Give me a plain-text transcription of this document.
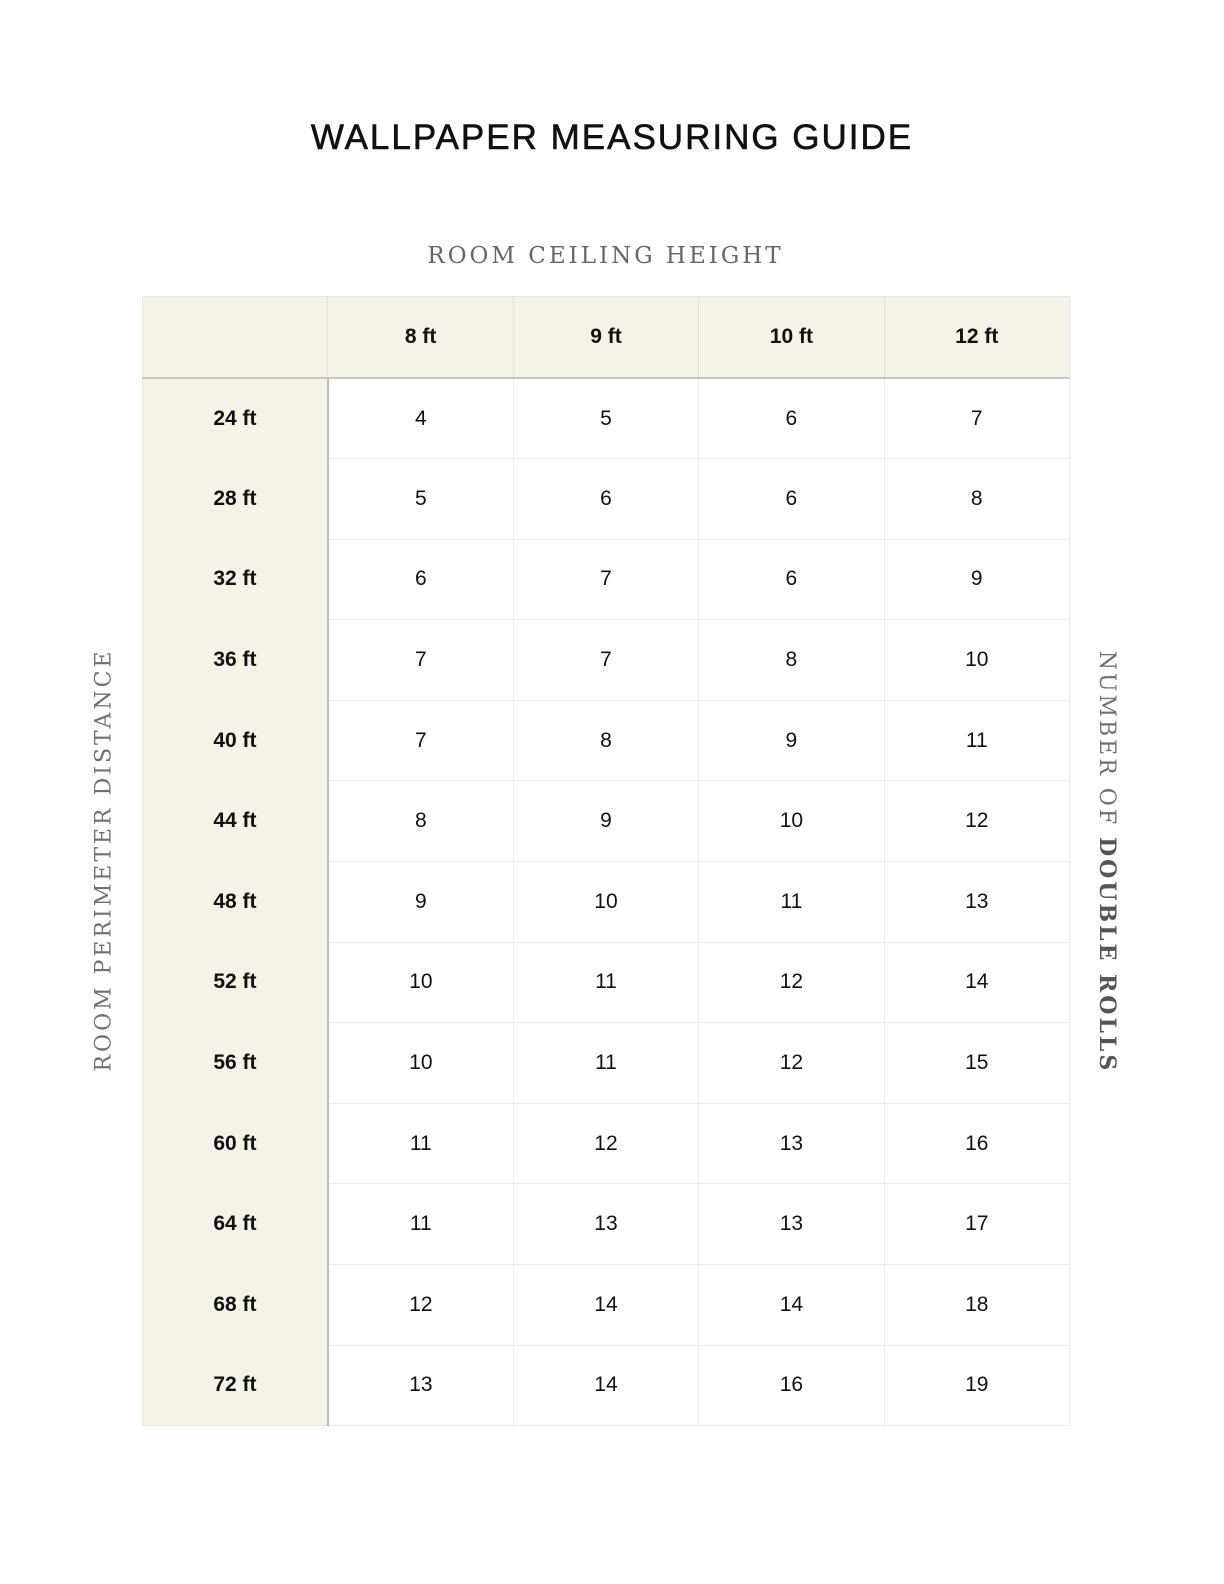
WALLPAPER MEASURING GUIDE
ROOM CEILING HEIGHT
ROOM PERIMETER DISTANCE	NUMBER OF DOUBLE ROLLS
	8 ft	9 ft	10 ft	12 ft
24 ft	4	5	6	7
28 ft	5	6	6	8
32 ft	6	7	6	9
36 ft	7	7	8	10
40 ft	7	8	9	11
44 ft	8	9	10	12
48 ft	9	10	11	13
52 ft	10	11	12	14
56 ft	10	11	12	15
60 ft	11	12	13	16
64 ft	11	13	13	17
68 ft	12	14	14	18
72 ft	13	14	16	19
